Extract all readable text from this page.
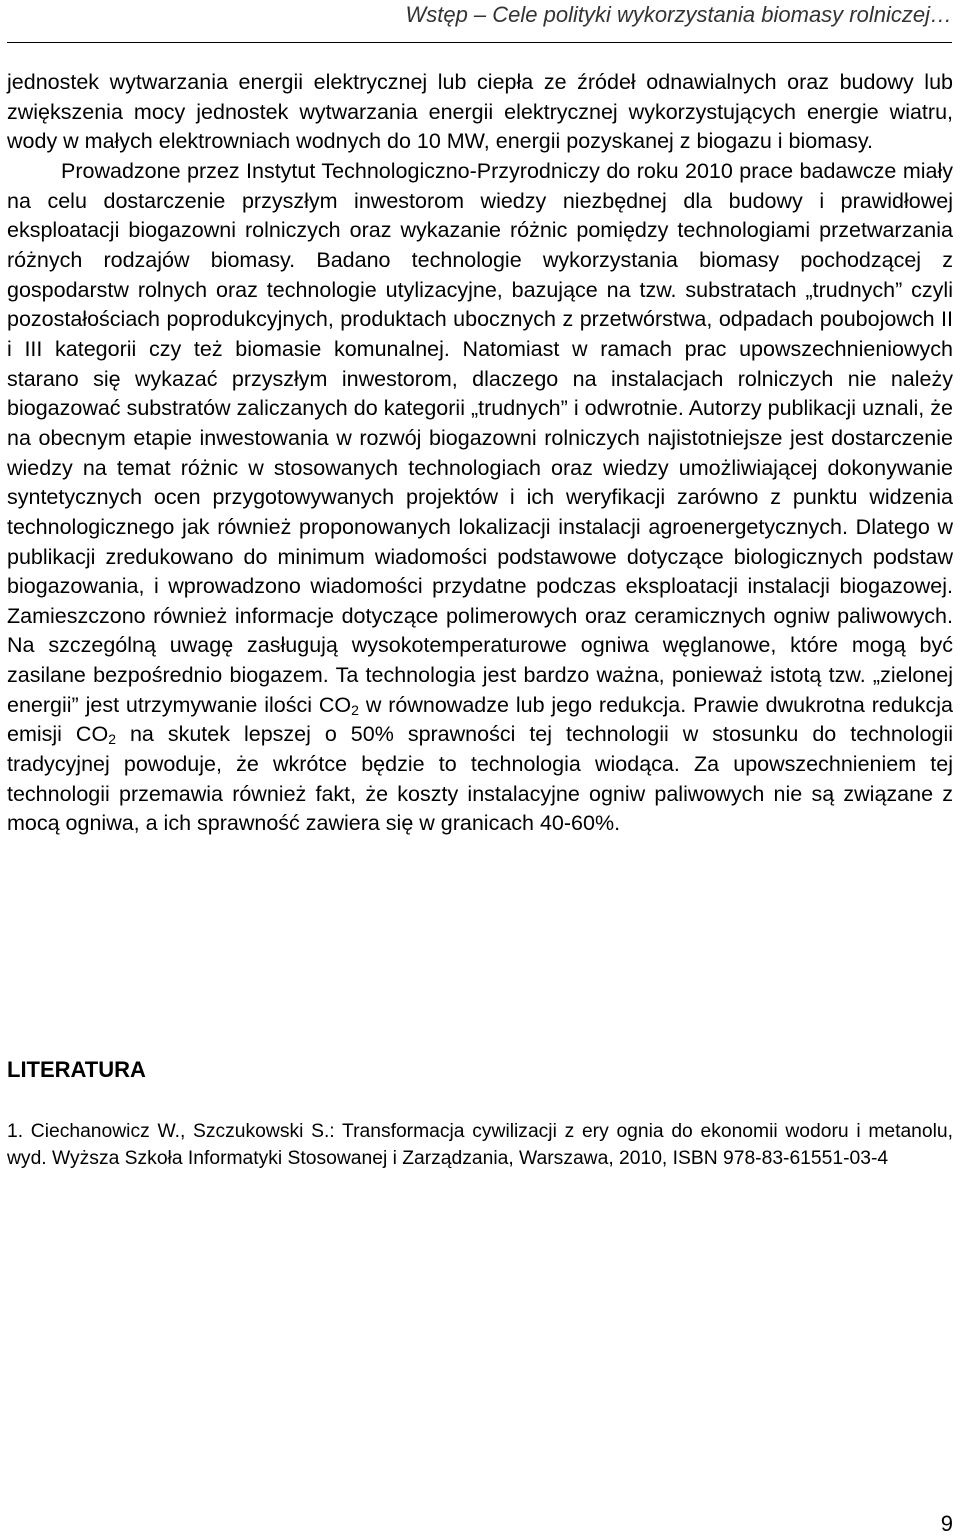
Wstęp – Cele polityki wykorzystania biomasy rolniczej…

jednostek wytwarzania energii elektrycznej lub ciepła ze źródeł odnawialnych oraz budowy lub zwiększenia mocy jednostek wytwarzania energii elektrycznej wykorzystujących energie wiatru, wody w małych elektrowniach wodnych do 10 MW, energii pozyskanej z biogazu i biomasy.

Prowadzone przez Instytut Technologiczno-Przyrodniczy do roku 2010 prace badawcze miały na celu dostarczenie przyszłym inwestorom wiedzy niezbędnej dla budowy i prawidłowej eksploatacji biogazowni rolniczych oraz wykazanie różnic pomiędzy technologiami przetwarzania różnych rodzajów biomasy. Badano technologie wykorzystania biomasy pochodzącej z gospodarstw rolnych oraz technologie utylizacyjne, bazujące na tzw. substratach „trudnych” czyli pozostałościach poprodukcyjnych, produktach ubocznych z przetwórstwa, odpadach poubojowch II i III kategorii czy też biomasie komunalnej. Natomiast w ramach prac upowszechnieniowych starano się wykazać przyszłym inwestorom, dlaczego na instalacjach rolniczych nie należy biogazować substratów zaliczanych do kategorii „trudnych” i odwrotnie. Autorzy publikacji uznali, że na obecnym etapie inwestowania w rozwój biogazowni rolniczych najistotniejsze jest dostarczenie wiedzy na temat różnic w stosowanych technologiach oraz wiedzy umożliwiającej dokonywanie syntetycznych ocen przygotowywanych projektów i ich weryfikacji zarówno z punktu widzenia technologicznego jak również proponowanych lokalizacji instalacji agroenergetycznych. Dlatego w publikacji zredukowano do minimum wiadomości podstawowe dotyczące biologicznych podstaw biogazowania, i wprowadzono wiadomości przydatne podczas eksploatacji instalacji biogazowej. Zamieszczono również informacje dotyczące polimerowych oraz ceramicznych ogniw paliwowych. Na szczególną uwagę zasługują wysokotemperaturowe ogniwa węglanowe, które mogą być zasilane bezpośrednio biogazem. Ta technologia jest bardzo ważna, ponieważ istotą tzw. „zielonej energii” jest utrzymywanie ilości $CO_2$ w równowadze lub jego redukcja. Prawie dwukrotna redukcja emisji $CO_2$ na skutek lepszej o 50% sprawności tej technologii w stosunku do technologii tradycyjnej powoduje, że wkrótce będzie to technologia wiodąca. Za upowszechnieniem tej technologii przemawia również fakt, że koszty instalacyjne ogniw paliwowych nie są związane z mocą ogniwa, a ich sprawność zawiera się w granicach 40-60%.

LITERATURA

1. Ciechanowicz W., Szczukowski S.: Transformacja cywilizacji z ery ognia do ekonomii wodoru i metanolu, wyd. Wyższa Szkoła Informatyki Stosowanej i Zarządzania, Warszawa, 2010, ISBN 978-83-61551-03-4

9
